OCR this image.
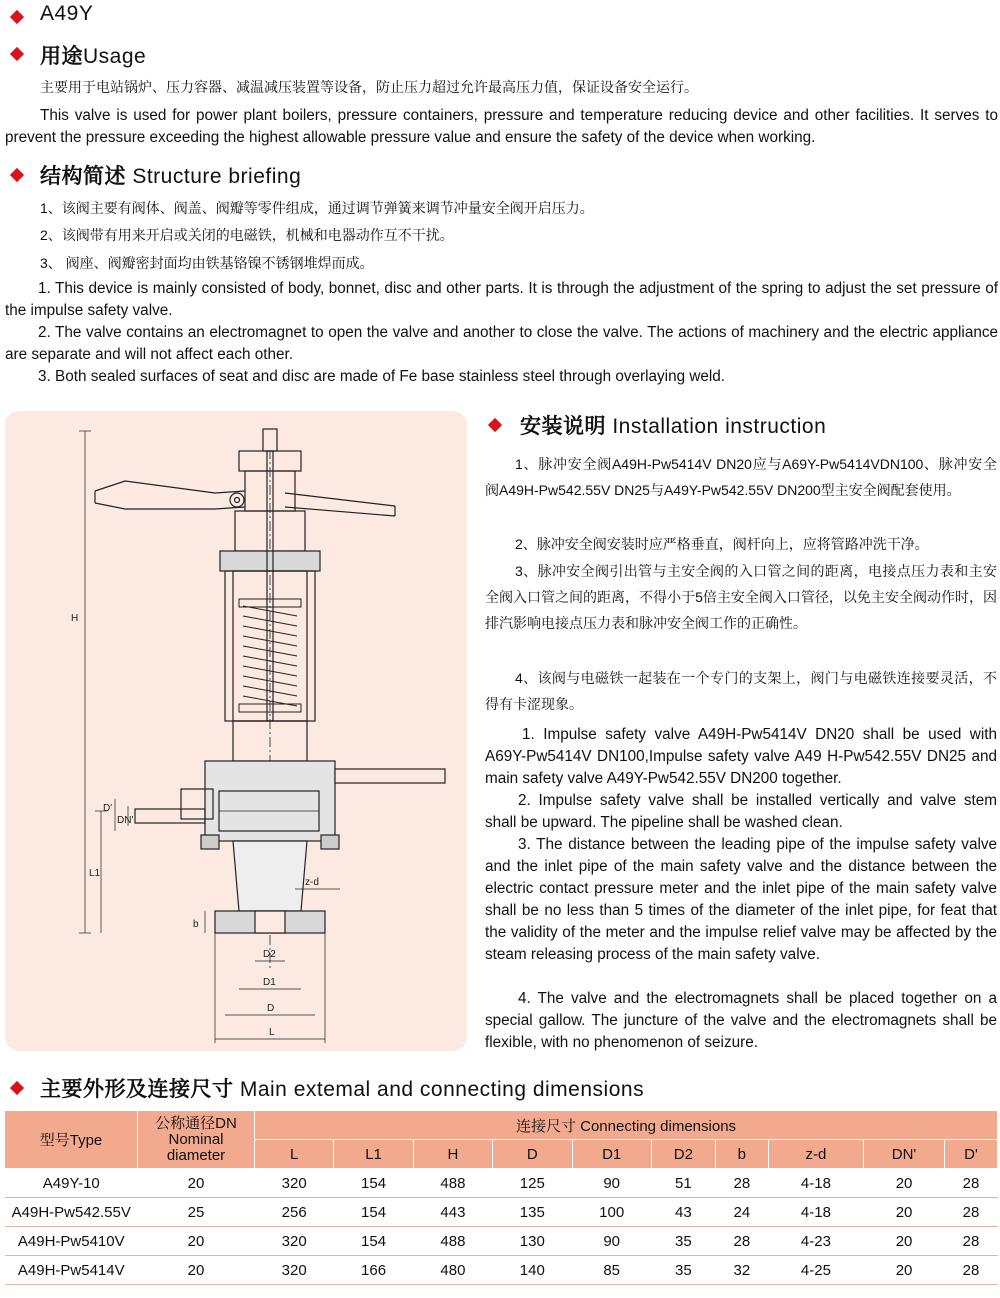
A49Y
用途Usage
主要用于电站锅炉、压力容器、减温减压装置等设备，防止压力超过允许最高压力值，保证设备安全运行。
This valve is used for power plant boilers, pressure containers, pressure and temperature reducing device and other facilities. It serves to prevent the pressure exceeding the highest allowable pressure value and ensure the safety of the device when working.
结构简述 Structure briefing
1、该阀主要有阀体、阀盖、阀瓣等零件组成，通过调节弹簧来调节冲量安全阀开启压力。
2、该阀带有用来开启或关闭的电磁铁，机械和电器动作互不干扰。
3、 阀座、阀瓣密封面均由铁基铬镍不锈钢堆焊而成。
1. This device is mainly consisted of body, bonnet, disc and other parts. It is through the adjustment of the spring to adjust the set pressure of the impulse safety valve.
2. The valve contains an electromagnet to open the valve and another to close the valve. The actions of machinery and the electric appliance are separate and will not affect each other.
3. Both sealed surfaces of seat and disc are made of Fe base stainless steel through overlaying weld.
H
L1
DN'
D'
b
z-d
D2
D1
D
L
安装说明 Installation instruction
1、脉冲安全阀A49H-Pw5414V DN20应与A69Y-Pw5414VDN100、脉冲安全阀A49H-Pw542.55V DN25与A49Y-Pw542.55V DN200型主安全阀配套使用。
2、脉冲安全阀安装时应严格垂直，阀杆向上，应将管路冲洗干净。
3、脉冲安全阀引出管与主安全阀的入口管之间的距离，电接点压力表和主安全阀入口管之间的距离，不得小于5倍主安全阀入口管径，以免主安全阀动作时，因排汽影响电接点压力表和脉冲安全阀工作的正确性。
4、该阀与电磁铁一起装在一个专门的支架上，阀门与电磁铁连接要灵活，不得有卡涩现象。
1. Impulse safety valve A49H-Pw5414V DN20 shall be used with A69Y-Pw5414V DN100,Impulse safety valve A49 H-Pw542.55V DN25 and main safety valve A49Y-Pw542.55V DN200 together.
2. Impulse safety valve shall be installed vertically and valve stem shall be upward. The pipeline shall be washed clean.
3. The distance between the leading pipe of the impulse safety valve and the inlet pipe of the main safety valve and the distance between the electric contact pressure meter and the inlet pipe of the main safety valve shall be no less than 5 times of the diameter of the inlet pipe, for feat that the validity of the meter and the impulse relief valve may be affected by the steam releasing process of the main safety valve.
4. The valve and the electromagnets shall be placed together on a special gallow. The juncture of the valve and the electromagnets shall be flexible, with no phenomenon of seizure.
主要外形及连接尺寸 Main extemal and connecting dimensions
型号Type	公称通径DN
Nominal
diameter	连接尺寸 Connecting dimensions									
		L	L1	H	D	D1	D2	b	z-d	DN'	D'
A49Y-10	20	320	154	488	125	90	51	28	4-18	20	28
A49H-Pw542.55V	25	256	154	443	135	100	43	24	4-18	20	28
A49H-Pw5410V	20	320	154	488	130	90	35	28	4-23	20	28
A49H-Pw5414V	20	320	166	480	140	85	35	32	4-25	20	28
